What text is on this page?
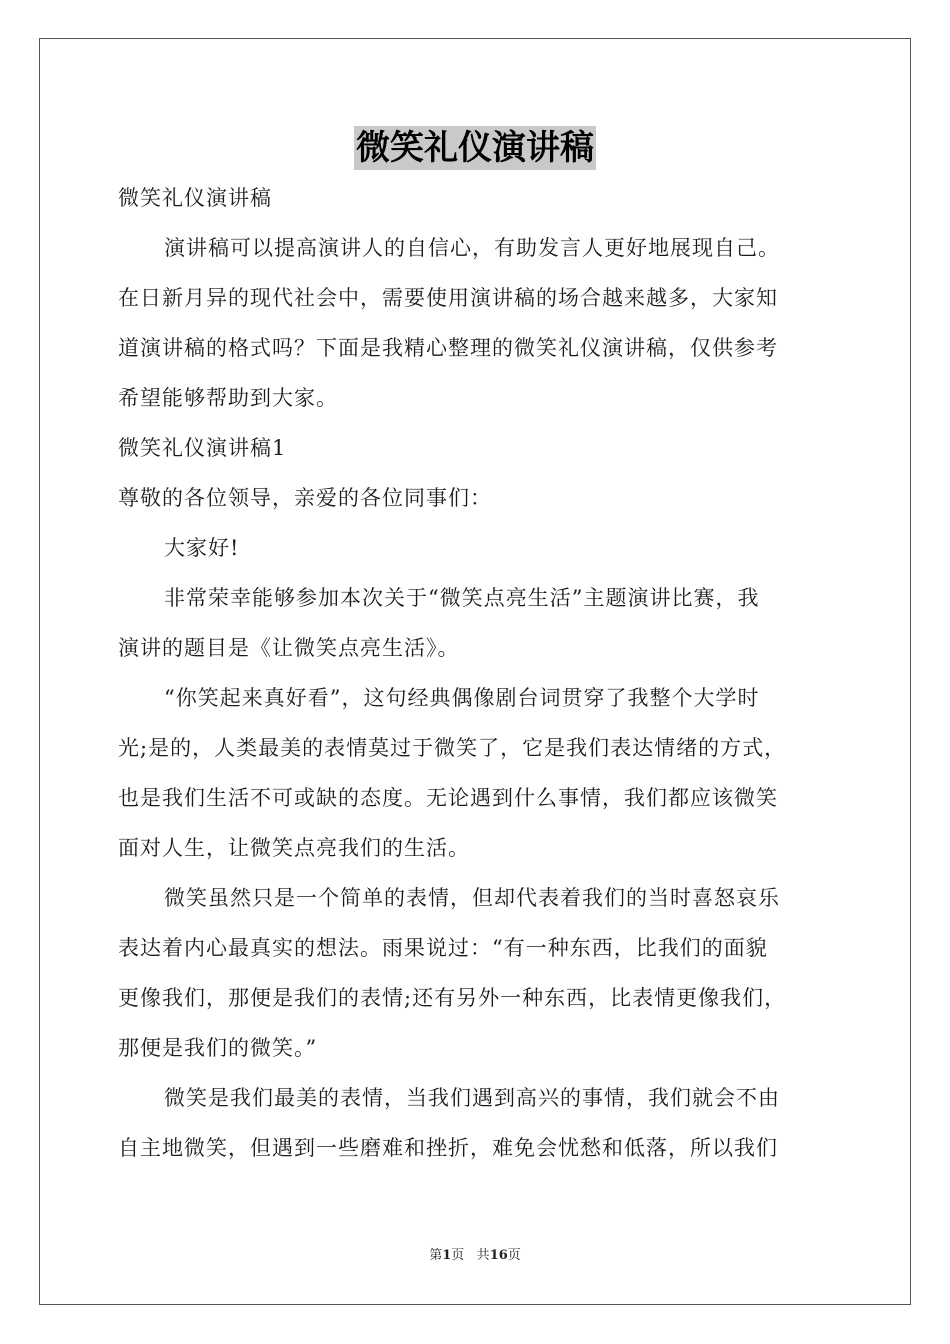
微笑礼仪演讲稿
微笑礼仪演讲稿
演讲稿可以提高演讲人的自信心，有助发言人更好地展现自己。
在日新月异的现代社会中，需要使用演讲稿的场合越来越多，大家知
道演讲稿的格式吗？下面是我精心整理的微笑礼仪演讲稿，仅供参考
希望能够帮助到大家。
微笑礼仪演讲稿1
尊敬的各位领导，亲爱的各位同事们：
大家好!
非常荣幸能够参加本次关于“微笑点亮生活”主题演讲比赛，我
演讲的题目是《让微笑点亮生活》。
“你笑起来真好看”，这句经典偶像剧台词贯穿了我整个大学时
光;是的，人类最美的表情莫过于微笑了，它是我们表达情绪的方式，
也是我们生活不可或缺的态度。无论遇到什么事情，我们都应该微笑
面对人生，让微笑点亮我们的生活。
微笑虽然只是一个简单的表情，但却代表着我们的当时喜怒哀乐
表达着内心最真实的想法。雨果说过：“有一种东西，比我们的面貌
更像我们，那便是我们的表情;还有另外一种东西，比表情更像我们，
那便是我们的微笑。”
微笑是我们最美的表情，当我们遇到高兴的事情，我们就会不由
自主地微笑，但遇到一些磨难和挫折，难免会忧愁和低落，所以我们
第1页 共16页
